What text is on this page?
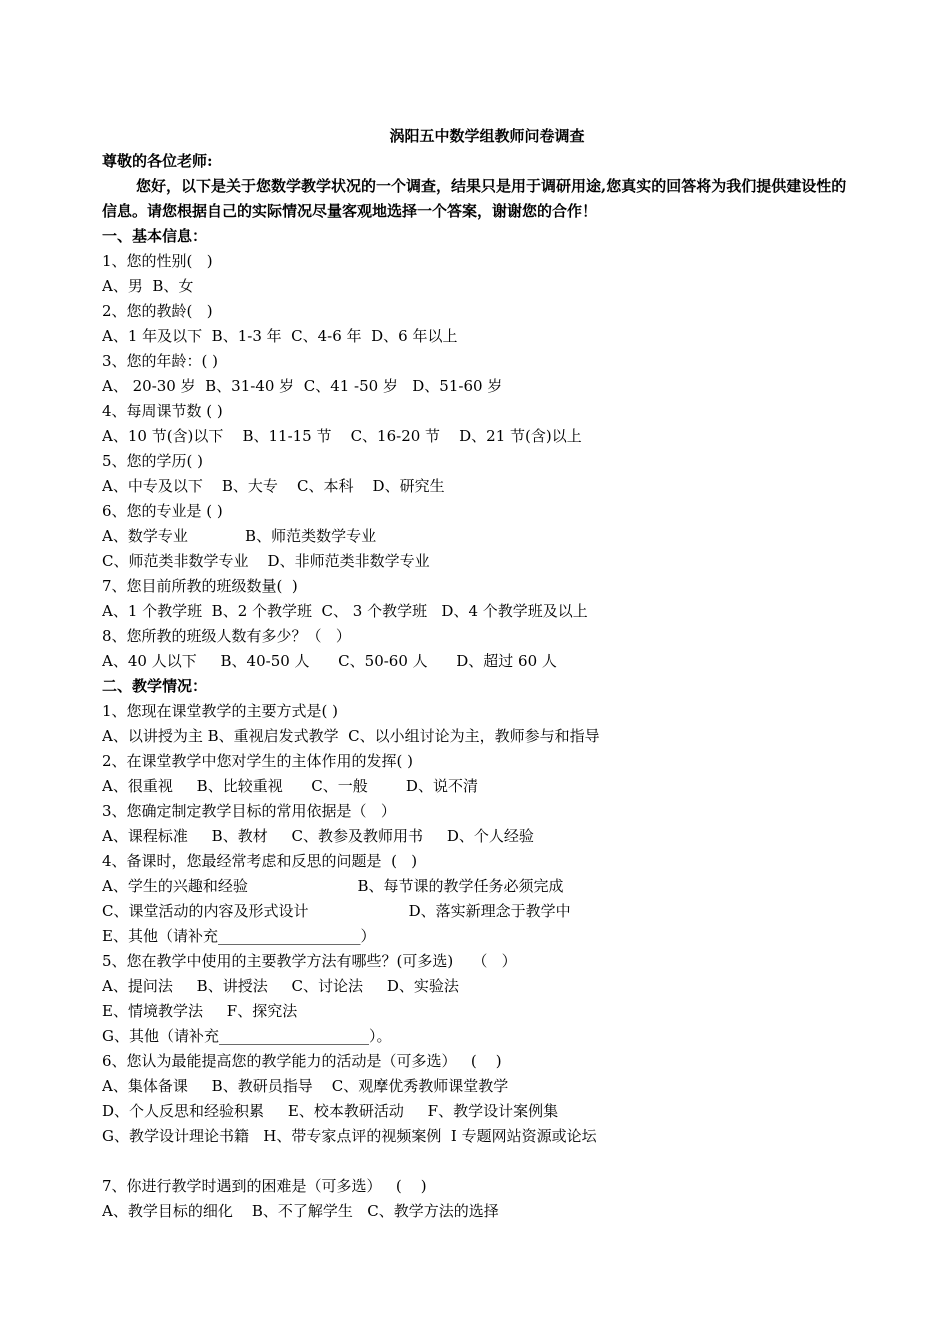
涡阳五中数学组教师问卷调查
尊敬的各位老师:
您好，以下是关于您数学教学状况的一个调查，结果只是用于调研用途,您真实的回答将为我们提供建设性的信息。请您根据自己的实际情况尽量客观地选择一个答案，谢谢您的合作！
一、基本信息：
1、您的性别(   )
A、男  B、女
2、您的教龄(   )
A、1 年及以下  B、1-3 年  C、4-6 年  D、6 年以上
3、您的年龄：( )
A、 20-30 岁  B、31-40 岁  C、41 -50 岁   D、51-60 岁
4、每周课节数 ( )
A、10 节(含)以下    B、11-15 节    C、16-20 节    D、21 节(含)以上
5、您的学历( )
A、中专及以下    B、大专    C、本科    D、研究生
6、您的专业是 ( )
A、数学专业            B、师范类数学专业
C、师范类非数学专业    D、非师范类非数学专业
7、您目前所教的班级数量(  )
A、1 个教学班  B、2 个教学班  C、 3 个教学班   D、4 个教学班及以上
8、您所教的班级人数有多少？（   ）
A、40 人以下     B、40-50 人      C、50-60 人      D、超过 60 人
二、教学情况：
1、您现在课堂教学的主要方式是( )
A、以讲授为主 B、重视启发式教学  C、以小组讨论为主，教师参与和指导
2、在课堂教学中您对学生的主体作用的发挥( )
A、很重视     B、比较重视      C、一般        D、说不清
3、您确定制定教学目标的常用依据是（   ）
A、课程标准     B、教材     C、教参及教师用书     D、个人经验
4、备课时，您最经常考虑和反思的问题是  (   )
A、学生的兴趣和经验                       B、每节课的教学任务必须完成
C、课堂活动的内容及形式设计                     D、落实新理念于教学中
E、其他（请补充___________________）
5、您在教学中使用的主要教学方法有哪些？(可多选)    （   ）
A、提问法     B、讲授法     C、讨论法     D、实验法
E、情境教学法     F、探究法
G、其他（请补充____________________）。
6、您认为最能提高您的教学能力的活动是（可多选）   (    )
A、集体备课     B、教研员指导    C、观摩优秀教师课堂教学
D、个人反思和经验积累     E、校本教研活动     F、教学设计案例集
G、教学设计理论书籍   H、带专家点评的视频案例  I 专题网站资源或论坛
7、你进行教学时遇到的困难是（可多选）   (    )
A、教学目标的细化    B、不了解学生   C、教学方法的选择
